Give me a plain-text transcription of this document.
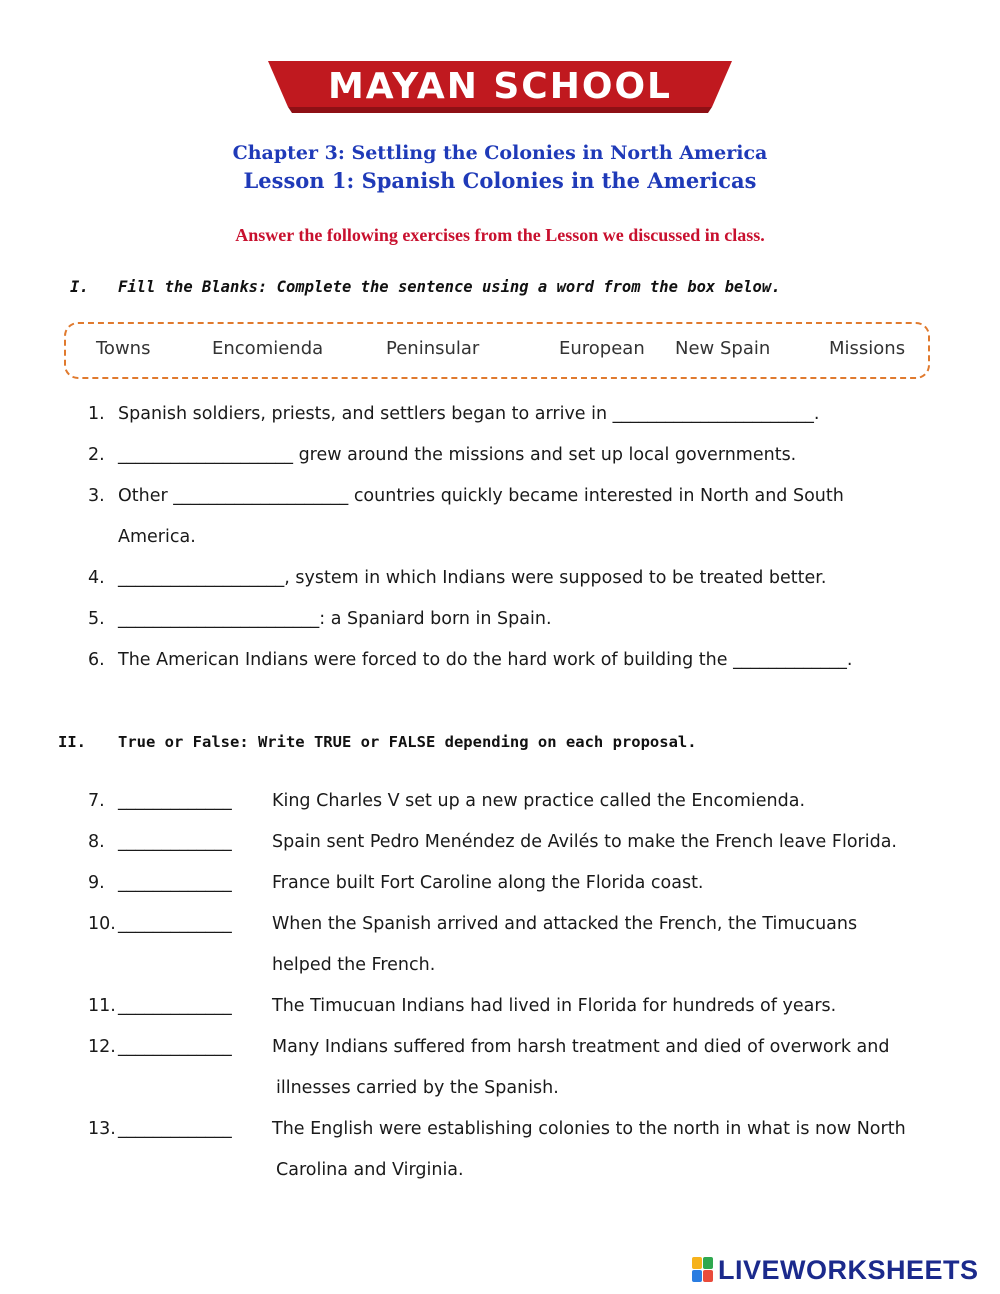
MAYAN SCHOOL
Chapter 3: Settling the Colonies in North America
Lesson 1: Spanish Colonies in the Americas
Answer the following exercises from the Lesson we discussed in class.
I. Fill the Blanks: Complete the sentence using a word from the box below.
Towns	Encomienda	Peninsular	European New Spain	Missions
1. Spanish soldiers, priests, and settlers began to arrive in _______________________.
2. ____________________ grew around the missions and set up local governments.
3. Other ____________________ countries quickly became interested in North and South
America.
4. ___________________, system in which Indians were supposed to be treated better.
5. _______________________: a Spaniard born in Spain.
6. The American Indians were forced to do the hard work of building the _____________.
II. True or False: Write TRUE or FALSE depending on each proposal.
7. _____________ King Charles V set up a new practice called the Encomienda.
8. _____________ Spain sent Pedro Menéndez de Avilés to make the French leave Florida.
9. _____________ France built Fort Caroline along the Florida coast.
10. _____________ When the Spanish arrived and attacked the French, the Timucuans
helped the French.
11. _____________ The Timucuan Indians had lived in Florida for hundreds of years.
12. _____________ Many Indians suffered from harsh treatment and died of overwork and
illnesses carried by the Spanish.
13. _____________ The English were establishing colonies to the north in what is now North
Carolina and Virginia.
LIVEWORKSHEETS
